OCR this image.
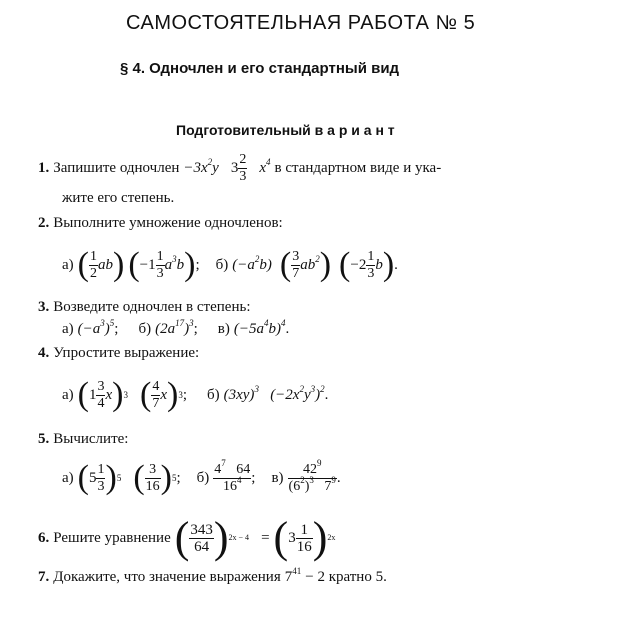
САМОСТОЯТЕЛЬНАЯ РАБОТА № 5
§ 4. Одночлен и его стандартный вид
Подготовительный в а р и а н т
1.
Запишите одночлен
$-3x^2y$
$3 \frac{2}{3}$
$x^4$
в стандартном виде и ука-
жите его степень.
2.
Выполните умножение одночленов:
а)
( $\frac{1}{2}$ ab )
( $-1 \frac{1}{3} a^3b$ ) ;
б)
$(-a^2b)$
( $\frac{3}{7} ab^2$ )
( $-2 \frac{1}{3}$ b ) .
3.
Возведите одночлен в степень:
а)
$(-a^3)^5$ ;
б)
$(2a^{17})^3$ ;
в)
$(-5a^4b)^4$ .
4.
Упростите выражение:
а)
( $1 \frac{3}{4}$ x ) 3
( $\frac{4}{7}$ x ) 3 ;
б)
$(3xy)^3$ $(-2x^2y^3)^2$ .
5.
Вычислите:
а)
( $5 \frac{1}{3}$ ) 5
( $\frac{3}{16}$ ) 5 ;
б)
$\frac{4^7 64}{16^4}$ ;
в)
$\frac{42^9}{(6^2)^3 7^9}$ .
6.
Решите уравнение
( $\frac{343}{64}$ ) 2x − 4
=
( $3 \frac{1}{16}$ ) 2x
7.
Докажите, что значение выражения
$7^{41}$
− 2 кратно 5.
